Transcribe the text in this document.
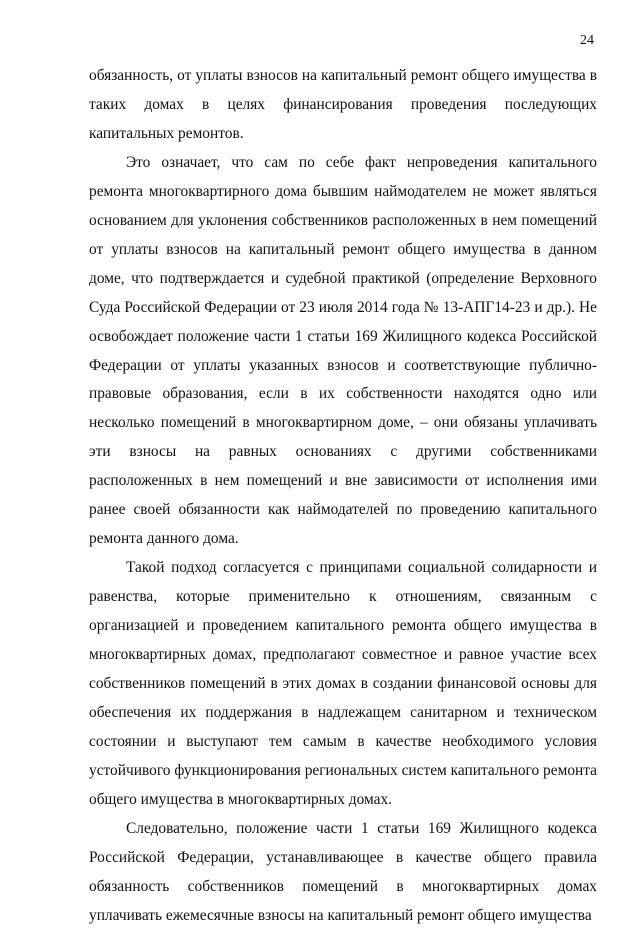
24

обязанность, от уплаты взносов на капитальный ремонт общего имущества в таких домах в целях финансирования проведения последующих капитальных ремонтов.

Это означает, что сам по себе факт непроведения капитального ремонта многоквартирного дома бывшим наймодателем не может являться основанием для уклонения собственников расположенных в нем помещений от уплаты взносов на капитальный ремонт общего имущества в данном доме, что подтверждается и судебной практикой (определение Верховного Суда Российской Федерации от 23 июля 2014 года № 13-АПГ14-23 и др.). Не освобождает положение части 1 статьи 169 Жилищного кодекса Российской Федерации от уплаты указанных взносов и соответствующие публично-правовые образования, если в их собственности находятся одно или несколько помещений в многоквартирном доме, – они обязаны уплачивать эти взносы на равных основаниях с другими собственниками расположенных в нем помещений и вне зависимости от исполнения ими ранее своей обязанности как наймодателей по проведению капитального ремонта данного дома.

Такой подход согласуется с принципами социальной солидарности и равенства, которые применительно к отношениям, связанным с организацией и проведением капитального ремонта общего имущества в многоквартирных домах, предполагают совместное и равное участие всех собственников помещений в этих домах в создании финансовой основы для обеспечения их поддержания в надлежащем санитарном и техническом состоянии и выступают тем самым в качестве необходимого условия устойчивого функционирования региональных систем капитального ремонта общего имущества в многоквартирных домах.

Следовательно, положение части 1 статьи 169 Жилищного кодекса Российской Федерации, устанавливающее в качестве общего правила обязанность собственников помещений в многоквартирных домах уплачивать ежемесячные взносы на капитальный ремонт общего имущества
